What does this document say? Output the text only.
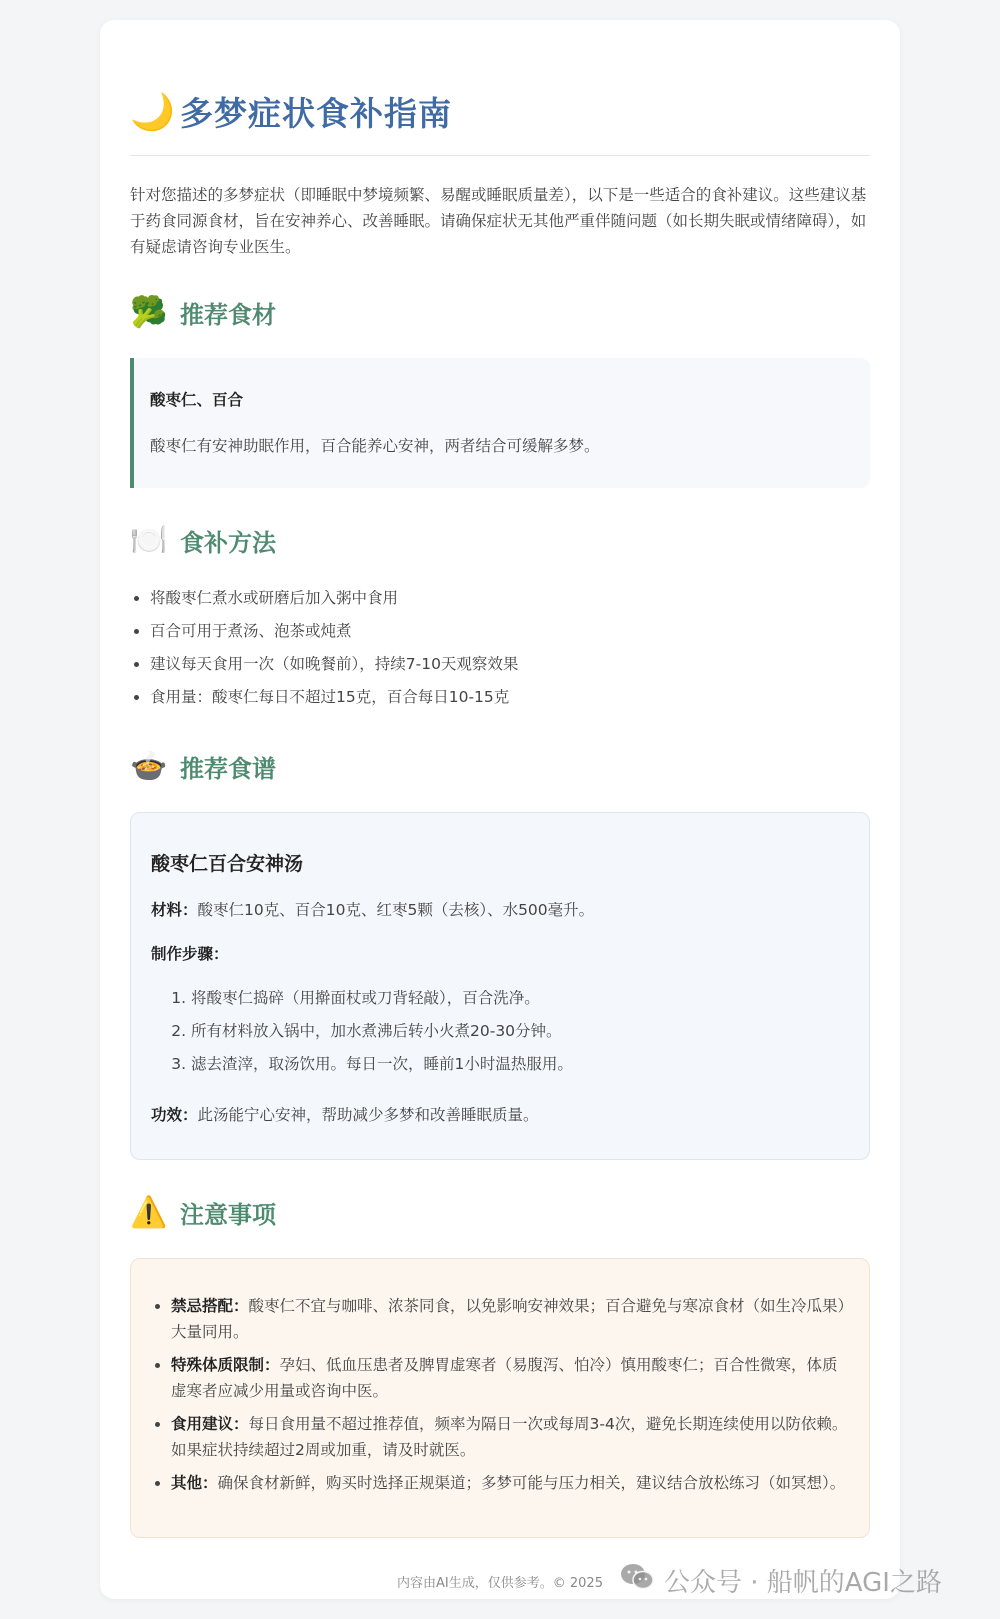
🌙 多梦症状食补指南

针对您描述的多梦症状（即睡眠中梦境频繁、易醒或睡眠质量差），以下是一些适合的食补建议。这些建议基于药食同源食材，旨在安神养心、改善睡眠。请确保症状无其他严重伴随问题（如长期失眠或情绪障碍），如有疑虑请咨询专业医生。

🥦 推荐食材
酸枣仁、百合
酸枣仁有安神助眠作用，百合能养心安神，两者结合可缓解多梦。
🍽️ 食补方法
• 将酸枣仁煮水或研磨后加入粥中食用
• 百合可用于煮汤、泡茶或炖煮
• 建议每天食用一次（如晚餐前），持续7-10天观察效果
• 食用量：酸枣仁每日不超过15克，百合每日10-15克
🍲 推荐食谱
酸枣仁百合安神汤
材料：酸枣仁10克、百合10克、红枣5颗（去核）、水500毫升。
制作步骤：
1. 将酸枣仁捣碎（用擀面杖或刀背轻敲），百合洗净。
2. 所有材料放入锅中，加水煮沸后转小火煮20-30分钟。
3. 滤去渣滓，取汤饮用。每日一次，睡前1小时温热服用。
功效：此汤能宁心安神，帮助减少多梦和改善睡眠质量。
⚠️ 注意事项
• 禁忌搭配：酸枣仁不宜与咖啡、浓茶同食，以免影响安神效果；百合避免与寒凉食材（如生冷瓜果）大量同用。
• 特殊体质限制：孕妇、低血压患者及脾胃虚寒者（易腹泻、怕冷）慎用酸枣仁；百合性微寒，体质虚寒者应减少用量或咨询中医。
• 食用建议：每日食用量不超过推荐值，频率为隔日一次或每周3-4次，避免长期连续使用以防依赖。如果症状持续超过2周或加重，请及时就医。
• 其他：确保食材新鲜，购买时选择正规渠道；多梦可能与压力相关，建议结合放松练习（如冥想）。
内容由AI生成，仅供参考。© 2025	公众号 · 船帆的AGI之路
